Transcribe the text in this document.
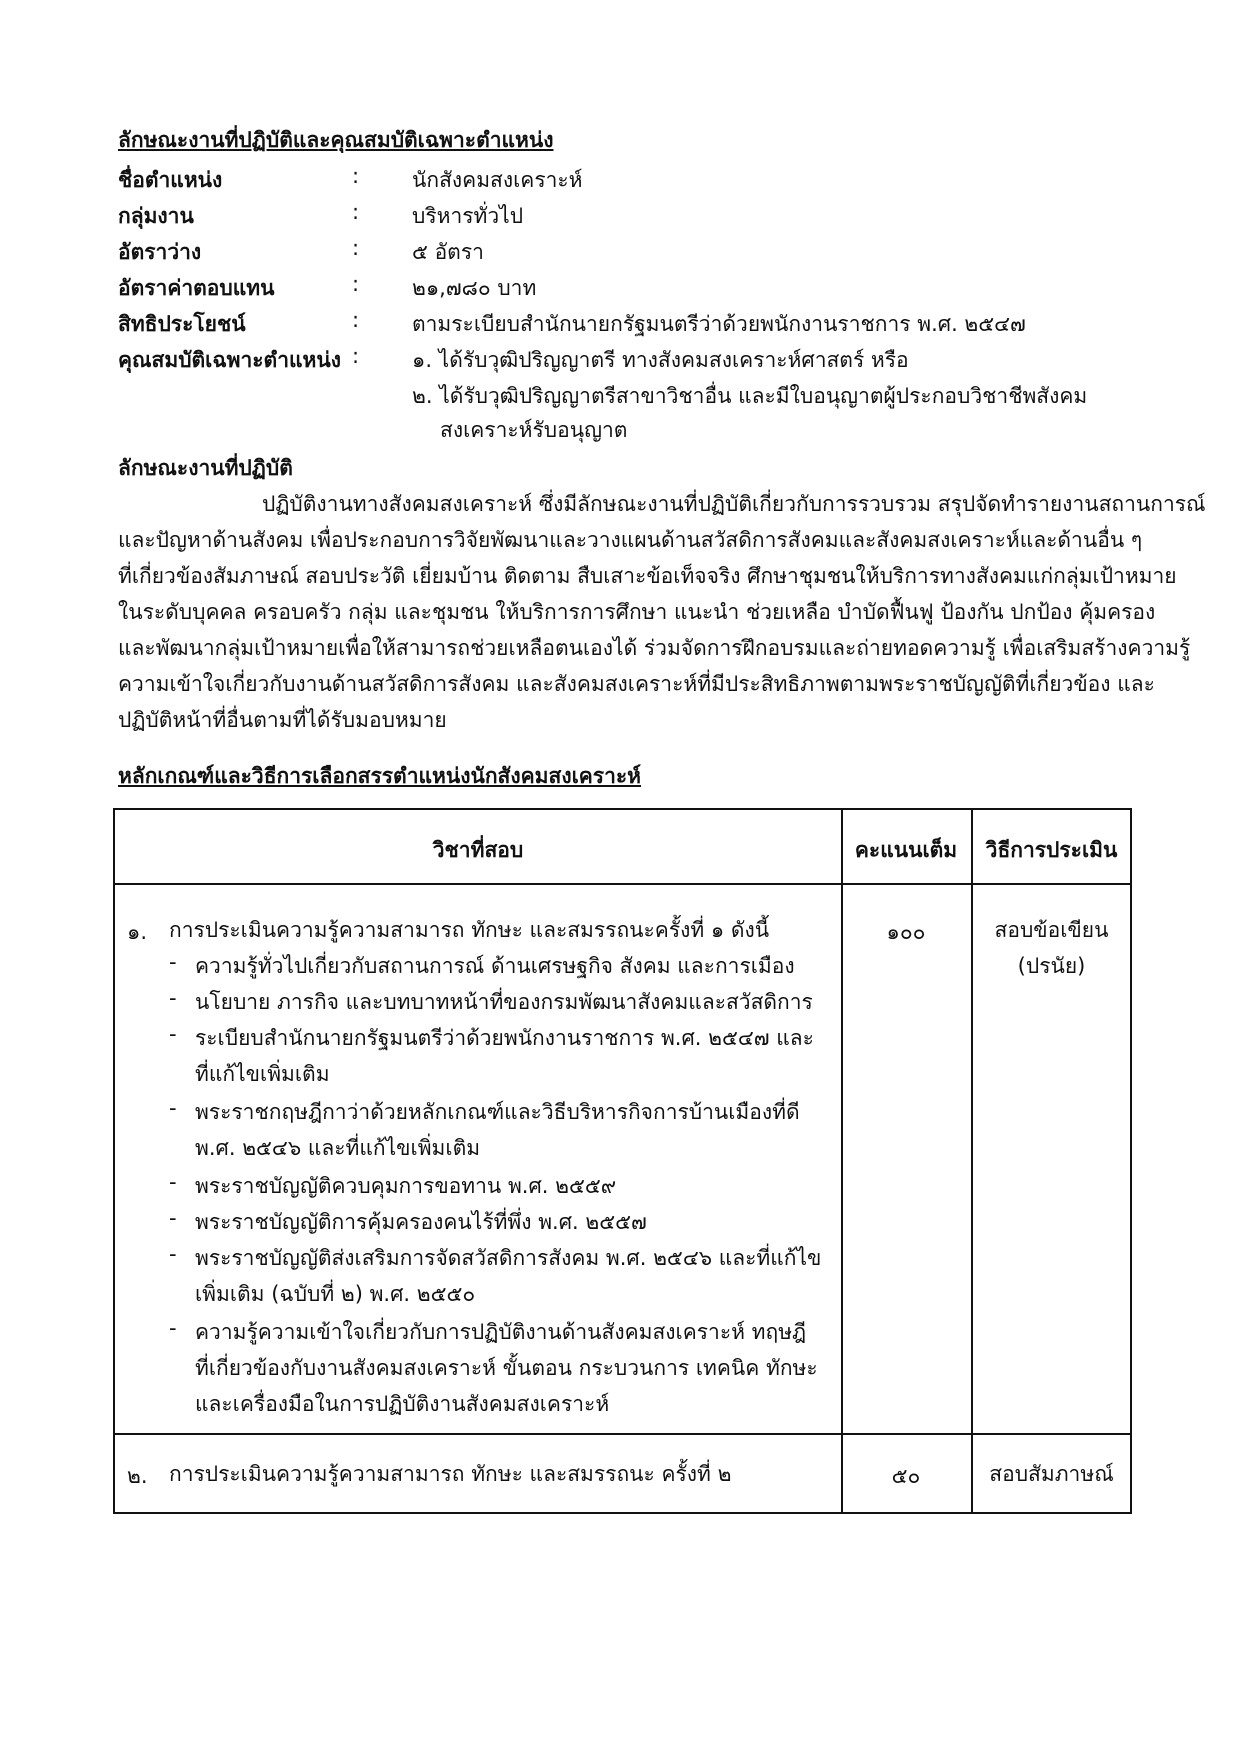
ลักษณะงานที่ปฏิบัติและคุณสมบัติเฉพาะตำแหน่ง
ชื่อตำแหน่ง	:	นักสังคมสงเคราะห์
กลุ่มงาน	:	บริหารทั่วไป
อัตราว่าง	:	๕ อัตรา
อัตราค่าตอบแทน	:	๒๑,๗๘๐ บาท
สิทธิประโยชน์	:	ตามระเบียบสำนักนายกรัฐมนตรีว่าด้วยพนักงานราชการ พ.ศ. ๒๕๔๗
คุณสมบัติเฉพาะตำแหน่ง :	๑. ได้รับวุฒิปริญญาตรี ทางสังคมสงเคราะห์ศาสตร์ หรือ
๒. ได้รับวุฒิปริญญาตรีสาขาวิชาอื่น และมีใบอนุญาตผู้ประกอบวิชาชีพสังคม
สงเคราะห์รับอนุญาต
ลักษณะงานที่ปฏิบัติ
ปฏิบัติงานทางสังคมสงเคราะห์ ซึ่งมีลักษณะงานที่ปฏิบัติเกี่ยวกับการรวบรวม สรุปจัดทำรายงานสถานการณ์
และปัญหาด้านสังคม เพื่อประกอบการวิจัยพัฒนาและวางแผนด้านสวัสดิการสังคมและสังคมสงเคราะห์และด้านอื่น ๆ
ที่เกี่ยวข้องสัมภาษณ์ สอบประวัติ เยี่ยมบ้าน ติดตาม สืบเสาะข้อเท็จจริง ศึกษาชุมชนให้บริการทางสังคมแก่กลุ่มเป้าหมาย
ในระดับบุคคล ครอบครัว กลุ่ม และชุมชน ให้บริการการศึกษา แนะนำ ช่วยเหลือ บำบัดฟื้นฟู ป้องกัน ปกป้อง คุ้มครอง
และพัฒนากลุ่มเป้าหมายเพื่อให้สามารถช่วยเหลือตนเองได้ ร่วมจัดการฝึกอบรมและถ่ายทอดความรู้ เพื่อเสริมสร้างความรู้
ความเข้าใจเกี่ยวกับงานด้านสวัสดิการสังคม และสังคมสงเคราะห์ที่มีประสิทธิภาพตามพระราชบัญญัติที่เกี่ยวข้อง และ
ปฏิบัติหน้าที่อื่นตามที่ได้รับมอบหมาย
หลักเกณฑ์และวิธีการเลือกสรรตำแหน่งนักสังคมสงเคราะห์
วิชาที่สอบ	คะแนนเต็ม	วิธีการประเมิน
๑. การประเมินความรู้ความสามารถ ทักษะ และสมรรถนะครั้งที่ ๑ ดังนี้	๑๐๐	สอบข้อเขียน
(ปรนัย)
- ความรู้ทั่วไปเกี่ยวกับสถานการณ์ ด้านเศรษฐกิจ สังคม และการเมือง
- นโยบาย ภารกิจ และบทบาทหน้าที่ของกรมพัฒนาสังคมและสวัสดิการ
- ระเบียบสำนักนายกรัฐมนตรีว่าด้วยพนักงานราชการ พ.ศ. ๒๕๔๗ และ
ที่แก้ไขเพิ่มเติม
- พระราชกฤษฎีกาว่าด้วยหลักเกณฑ์และวิธีบริหารกิจการบ้านเมืองที่ดี
พ.ศ. ๒๕๔๖ และที่แก้ไขเพิ่มเติม
- พระราชบัญญัติควบคุมการขอทาน พ.ศ. ๒๕๕๙
- พระราชบัญญัติการคุ้มครองคนไร้ที่พึ่ง พ.ศ. ๒๕๕๗
- พระราชบัญญัติส่งเสริมการจัดสวัสดิการสังคม พ.ศ. ๒๕๔๖ และที่แก้ไข
เพิ่มเติม (ฉบับที่ ๒) พ.ศ. ๒๕๕๐
- ความรู้ความเข้าใจเกี่ยวกับการปฏิบัติงานด้านสังคมสงเคราะห์ ทฤษฎี
ที่เกี่ยวข้องกับงานสังคมสงเคราะห์ ขั้นตอน กระบวนการ เทคนิค ทักษะ
และเครื่องมือในการปฏิบัติงานสังคมสงเคราะห์
๒. การประเมินความรู้ความสามารถ ทักษะ และสมรรถนะ ครั้งที่ ๒	๕๐	สอบสัมภาษณ์
